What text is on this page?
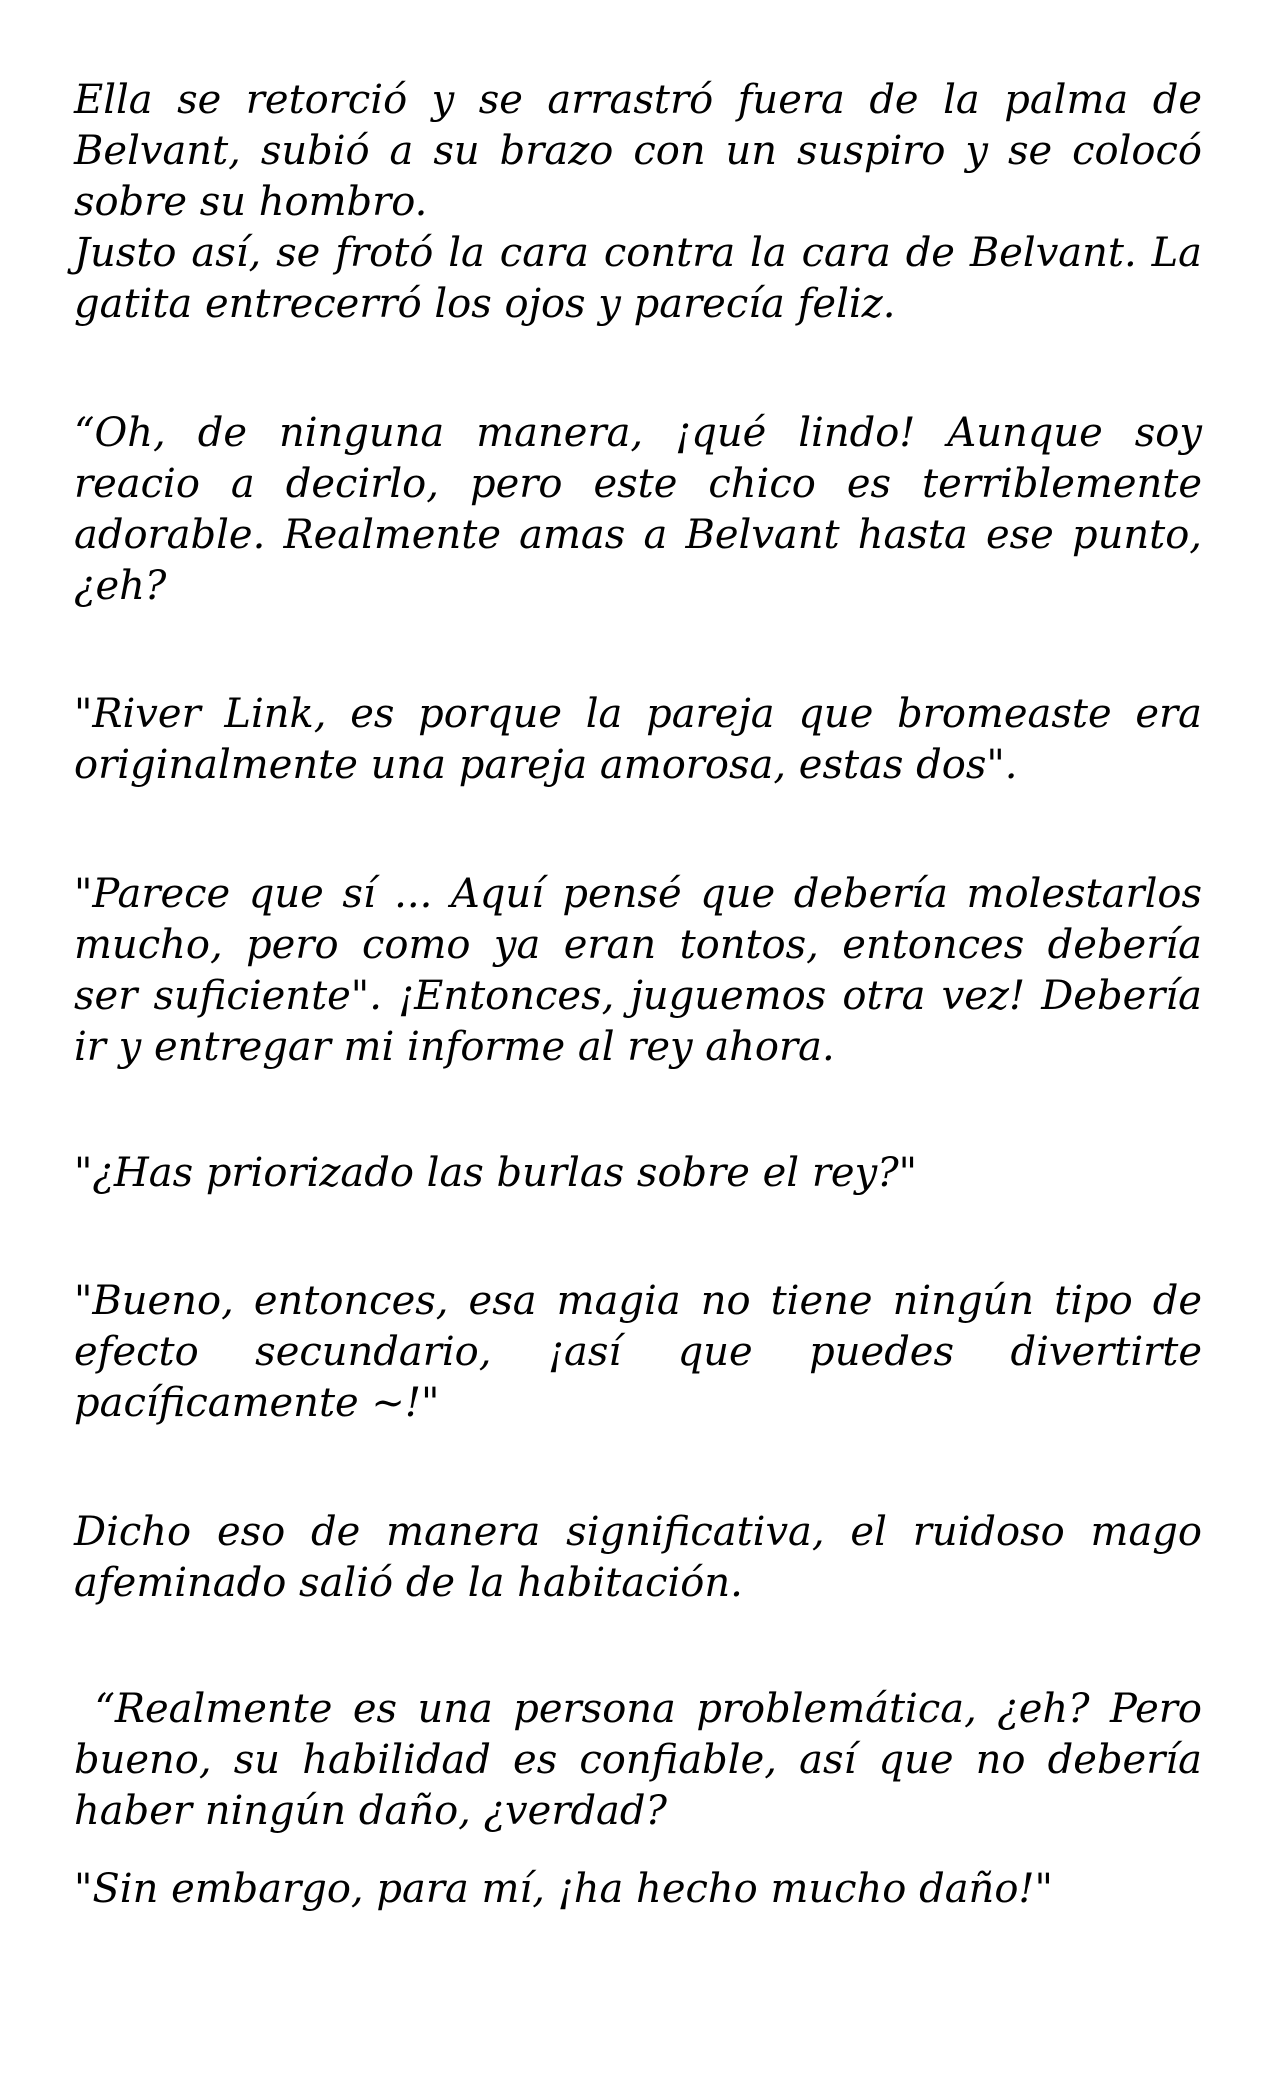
Ella se retorció y se arrastró fuera de la palma de Belvant, subió a su brazo con un suspiro y se colocó sobre su hombro.
Justo así, se frotó la cara contra la cara de Belvant. La gatita entrecerró los ojos y parecía feliz.

“Oh, de ninguna manera, ¡qué lindo! Aunque soy reacio a decirlo, pero este chico es terriblemente adorable. Realmente amas a Belvant hasta ese punto, ¿eh?

"River Link, es porque la pareja que bromeaste era originalmente una pareja amorosa, estas dos".

"Parece que sí ... Aquí pensé que debería molestarlos mucho, pero como ya eran tontos, entonces debería ser suficiente". ¡Entonces, juguemos otra vez! Debería ir y entregar mi informe al rey ahora.

"¿Has priorizado las burlas sobre el rey?"

"Bueno, entonces, esa magia no tiene ningún tipo de efecto secundario, ¡así que puedes divertirte pacíficamente ~!"

Dicho eso de manera significativa, el ruidoso mago afeminado salió de la habitación.

“Realmente es una persona problemática, ¿eh? Pero bueno, su habilidad es confiable, así que no debería haber ningún daño, ¿verdad?

"Sin embargo, para mí, ¡ha hecho mucho daño!"
